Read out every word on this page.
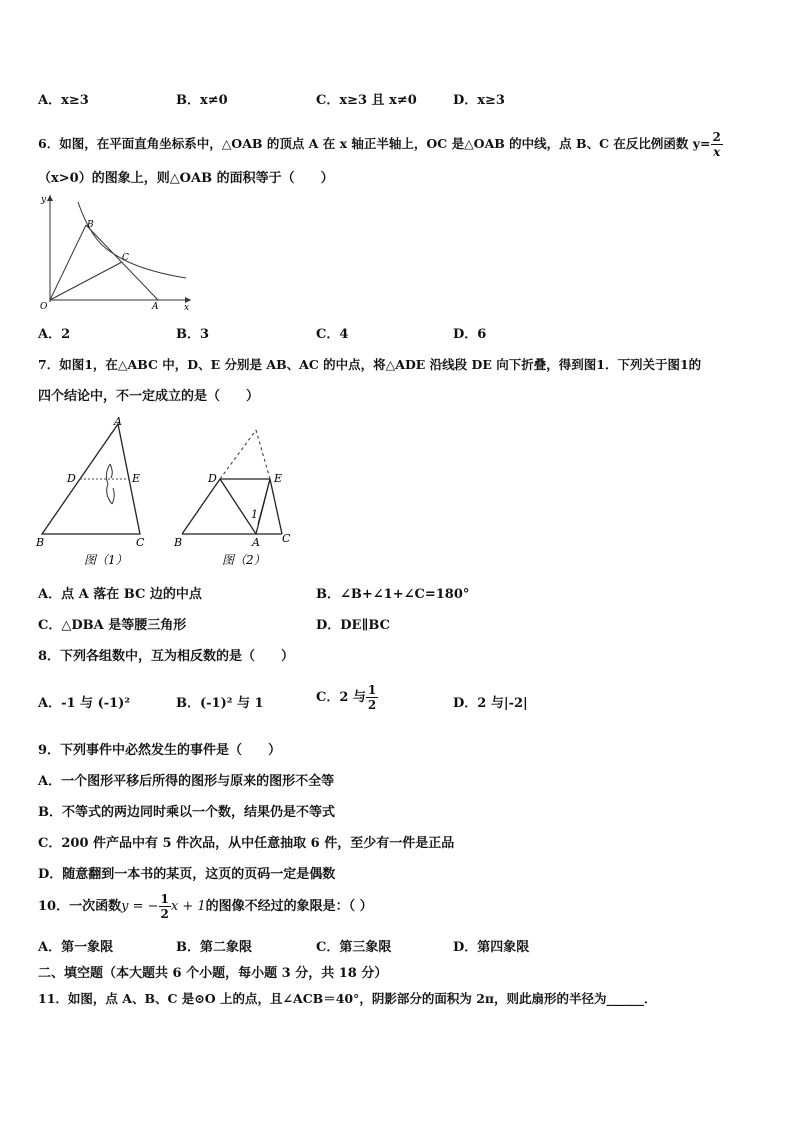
A．x≥3	B．x≠0	C．x≥3 且 x≠0	D．x≥3
6．如图，在平面直角坐标系中，△OAB 的顶点 A 在 x 轴正半轴上，OC 是△OAB 的中线，点 B、C 在反比例函数 $y= \frac{2}{x}$
（x>0）的图象上，则△OAB 的面积等于（　　）
y
x
O	A
B
C
A．2	B．3	C．4	D．6
7．如图1，在△ABC 中，D、E 分别是 AB、AC 的中点，将△ADE 沿线段 DE 向下折叠，得到图1．下列关于图1的
四个结论中，不一定成立的是（　　）
A
B	C
D	E
图（1）
B	C
A
D	E
1
图（2）
A．点 A 落在 BC 边的中点	B．∠B+∠1+∠C=180°
C．△DBA 是等腰三角形	D．DE∥BC
8．下列各组数中，互为相反数的是（　　）
A．-1 与 (-1)²	B．(-1)² 与 1	C．2 与 $\frac{1}{2}$	D．2 与|-2|
9．下列事件中必然发生的事件是（　　）
A．一个图形平移后所得的图形与原来的图形不全等
B．不等式的两边同时乘以一个数，结果仍是不等式
C．200 件产品中有 5 件次品，从中任意抽取 6 件，至少有一件是正品
D．随意翻到一本书的某页，这页的页码一定是偶数
10．一次函数y = − $\frac{1}{2}$ x + 1的图像不经过的象限是：（ ）
A．第一象限	B．第二象限	C．第三象限	D．第四象限
二、填空题（本大题共 6 个小题，每小题 3 分，共 18 分）
11．如图，点 A、B、C 是⊙O 上的点，且∠ACB＝40°，阴影部分的面积为 2π，则此扇形的半径为______．
